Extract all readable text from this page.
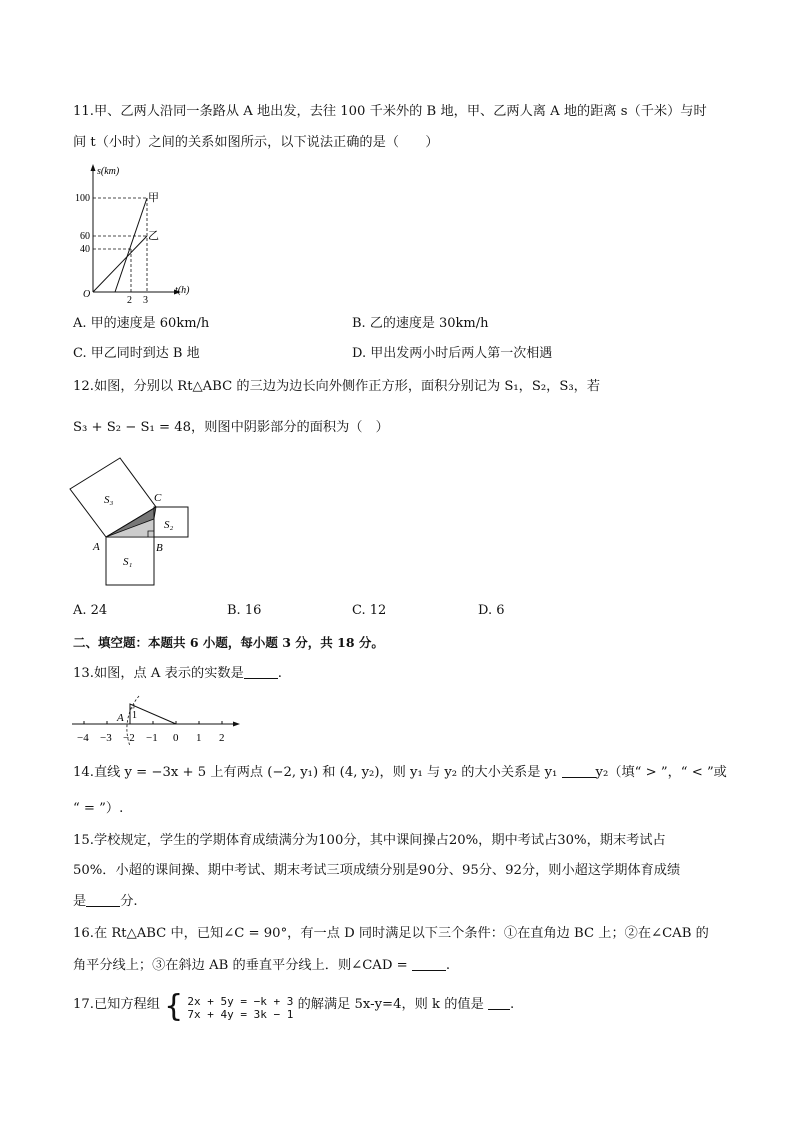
11.甲、乙两人沿同一条路从 A 地出发，去往 100 千米外的 B 地，甲、乙两人离 A 地的距离 s（千米）与时
间 t（小时）之间的关系如图所示，以下说法正确的是（　　）
s(km)
t(h)
O
100
60
40
2 3
甲
乙
A. 甲的速度是 60km/h	B. 乙的速度是 30km/h
C. 甲乙同时到达 B 地	D. 甲出发两小时后两人第一次相遇
12.如图，分别以 Rt△ABC 的三边为边长向外侧作正方形，面积分别记为 S₁，S₂，S₃，若
S₃ + S₂ − S₁ = 48，则图中阴影部分的面积为（　）
S₃
S₂
S₁
A	B
C
A. 24	B. 16	C. 12	D. 6
二、填空题：本题共 6 小题，每小题 3 分，共 18 分。
13.如图，点 A 表示的实数是	.
−4 −3 −2 −1 0 1 2
1
A
14.直线 y = −3x + 5 上有两点 (−2, y₁) 和 (4, y₂)，则 y₁ 与 y₂ 的大小关系是 y₁	y₂（填“ > ”，“ < ”或
“ = ”）.
15.学校规定，学生的学期体育成绩满分为100分，其中课间操占20%，期中考试占30%，期末考试占
50%．小超的课间操、期中考试、期末考试三项成绩分别是90分、95分、92分，则小超这学期体育成绩
是	分.
16.在 Rt△ABC 中，已知∠C = 90°，有一点 D 同时满足以下三个条件：①在直角边 BC 上；②在∠CAB 的
角平分线上；③在斜边 AB 的垂直平分线上．则∠CAD =	.
17.已知方程组 { 2x + 5y = −k + 3
7x + 4y = 3k − 1
的解满足 5x-y=4，则 k 的值是 .
